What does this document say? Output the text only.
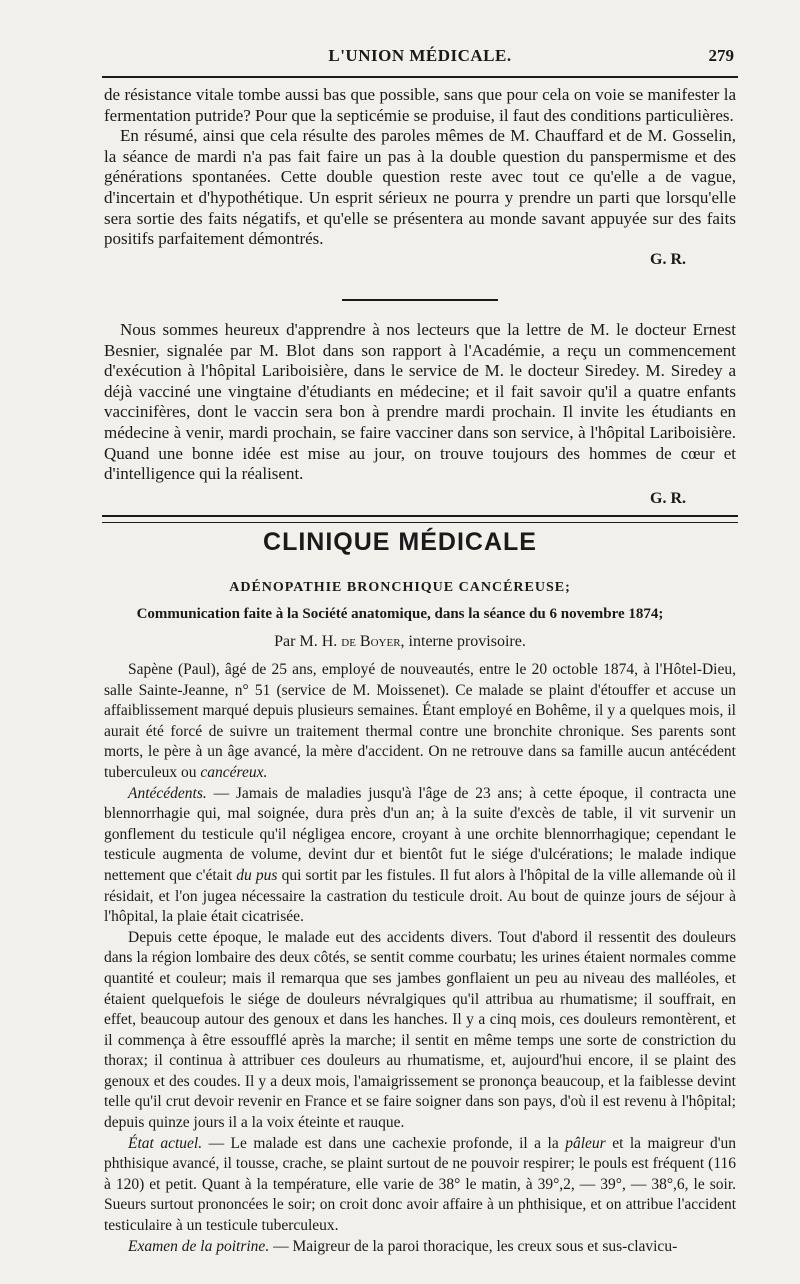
L'UNION MÉDICALE.	279

de résistance vitale tombe aussi bas que possible, sans que pour cela on voie se manifester la fermentation putride? Pour que la septicémie se produise, il faut des conditions particulières.

En résumé, ainsi que cela résulte des paroles mêmes de M. Chauffard et de M. Gosselin, la séance de mardi n'a pas fait faire un pas à la double question du panspermisme et des générations spontanées. Cette double question reste avec tout ce qu'elle a de vague, d'incertain et d'hypothétique. Un esprit sérieux ne pourra y prendre un parti que lorsqu'elle sera sortie des faits négatifs, et qu'elle se présentera au monde savant appuyée sur des faits positifs parfaitement démontrés.

G. R.

Nous sommes heureux d'apprendre à nos lecteurs que la lettre de M. le docteur Ernest Besnier, signalée par M. Blot dans son rapport à l'Académie, a reçu un commencement d'exécution à l'hôpital Lariboisière, dans le service de M. le docteur Siredey. M. Siredey a déjà vacciné une vingtaine d'étudiants en médecine; et il fait savoir qu'il a quatre enfants vaccinifères, dont le vaccin sera bon à prendre mardi prochain. Il invite les étudiants en médecine à venir, mardi prochain, se faire vacciner dans son service, à l'hôpital Lariboisière. Quand une bonne idée est mise au jour, on trouve toujours des hommes de cœur et d'intelligence qui la réalisent.

G. R.

CLINIQUE MÉDICALE
ADÉNOPATHIE BRONCHIQUE CANCÉREUSE;
Communication faite à la Société anatomique, dans la séance du 6 novembre 1874;
Par M. H. de Boyer, interne provisoire.

Sapène (Paul), âgé de 25 ans, employé de nouveautés, entre le 20 octoble 1874, à l'Hôtel-Dieu, salle Sainte-Jeanne, n° 51 (service de M. Moissenet). Ce malade se plaint d'étouffer et accuse un affaiblissement marqué depuis plusieurs semaines. Étant employé en Bohême, il y a quelques mois, il aurait été forcé de suivre un traitement thermal contre une bronchite chronique. Ses parents sont morts, le père à un âge avancé, la mère d'accident. On ne retrouve dans sa famille aucun antécédent tuberculeux ou cancéreux.

Antécédents. — Jamais de maladies jusqu'à l'âge de 23 ans; à cette époque, il contracta une blennorrhagie qui, mal soignée, dura près d'un an; à la suite d'excès de table, il vit survenir un gonflement du testicule qu'il négligea encore, croyant à une orchite blennorrhagique; cependant le testicule augmenta de volume, devint dur et bientôt fut le siége d'ulcérations; le malade indique nettement que c'était du pus qui sortit par les fistules. Il fut alors à l'hôpital de la ville allemande où il résidait, et l'on jugea nécessaire la castration du testicule droit. Au bout de quinze jours de séjour à l'hôpital, la plaie était cicatrisée.

Depuis cette époque, le malade eut des accidents divers. Tout d'abord il ressentit des douleurs dans la région lombaire des deux côtés, se sentit comme courbatu; les urines étaient normales comme quantité et couleur; mais il remarqua que ses jambes gonflaient un peu au niveau des malléoles, et étaient quelquefois le siége de douleurs névralgiques qu'il attribua au rhumatisme; il souffrait, en effet, beaucoup autour des genoux et dans les hanches. Il y a cinq mois, ces douleurs remontèrent, et il commença à être essoufflé après la marche; il sentit en même temps une sorte de constriction du thorax; il continua à attribuer ces douleurs au rhumatisme, et, aujourd'hui encore, il se plaint des genoux et des coudes. Il y a deux mois, l'amaigrissement se prononça beaucoup, et la faiblesse devint telle qu'il crut devoir revenir en France et se faire soigner dans son pays, d'où il est revenu à l'hôpital; depuis quinze jours il a la voix éteinte et rauque.

État actuel. — Le malade est dans une cachexie profonde, il a la pâleur et la maigreur d'un phthisique avancé, il tousse, crache, se plaint surtout de ne pouvoir respirer; le pouls est fréquent (116 à 120) et petit. Quant à la température, elle varie de 38° le matin, à 39°,2, — 39°, — 38°,6, le soir. Sueurs surtout prononcées le soir; on croit donc avoir affaire à un phthisique, et on attribue l'accident testiculaire à un testicule tuberculeux.

Examen de la poitrine. — Maigreur de la paroi thoracique, les creux sous et sus-clavicu-
